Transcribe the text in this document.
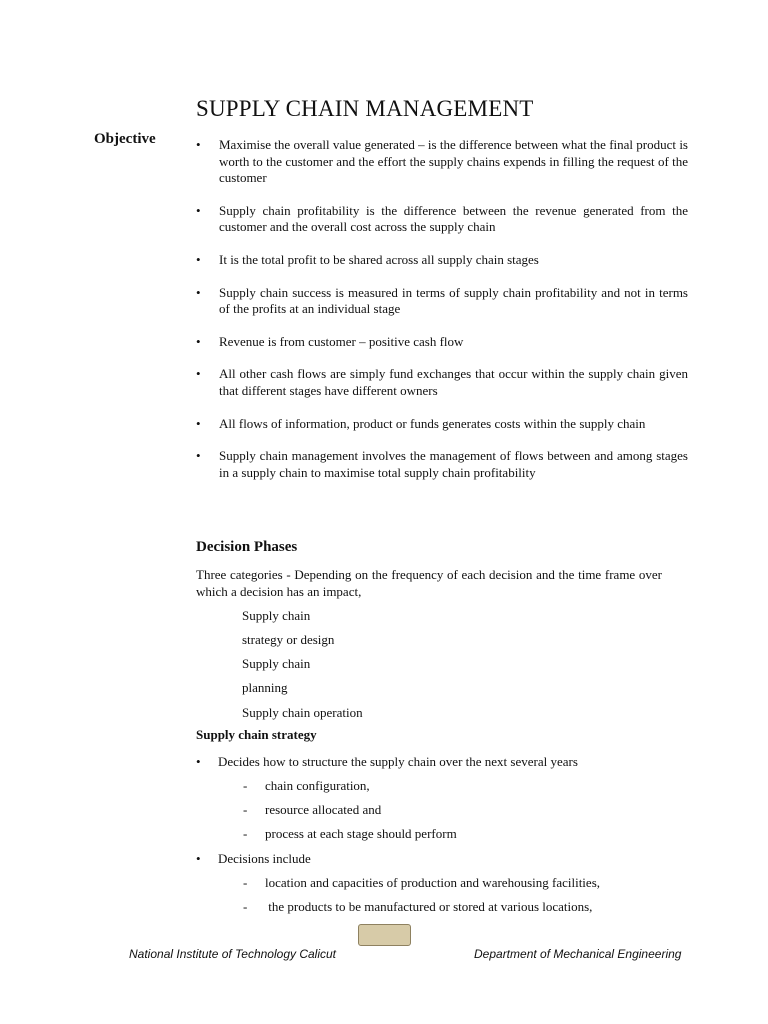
SUPPLY CHAIN MANAGEMENT
Objective	• Maximise the overall value generated – is the difference between what the final product is worth to the customer and the effort the supply chains expends in filling the request of the customer
• Supply chain profitability is the difference between the revenue generated from the customer and the overall cost across the supply chain
• It is the total profit to be shared across all supply chain stages
• Supply chain success is measured in terms of supply chain profitability and not in terms of the profits at an individual stage
• Revenue is from customer – positive cash flow
• All other cash flows are simply fund exchanges that occur within the supply chain given that different stages have different owners
• All flows of information, product or funds generates costs within the supply chain
• Supply chain management involves the management of flows between and among stages in a supply chain to maximise total supply chain profitability
Decision Phases
Three categories - Depending on the frequency of each decision and the time frame over which a decision has an impact,
Supply chain
strategy or design
Supply chain
planning
Supply chain operation
Supply chain strategy
• Decides how to structure the supply chain over the next several years
- chain configuration,
- resource allocated and
- process at each stage should perform
• Decisions include
- location and capacities of production and warehousing facilities,
- the products to be manufactured or stored at various locations,
National Institute of Technology Calicut	Department of Mechanical Engineering
